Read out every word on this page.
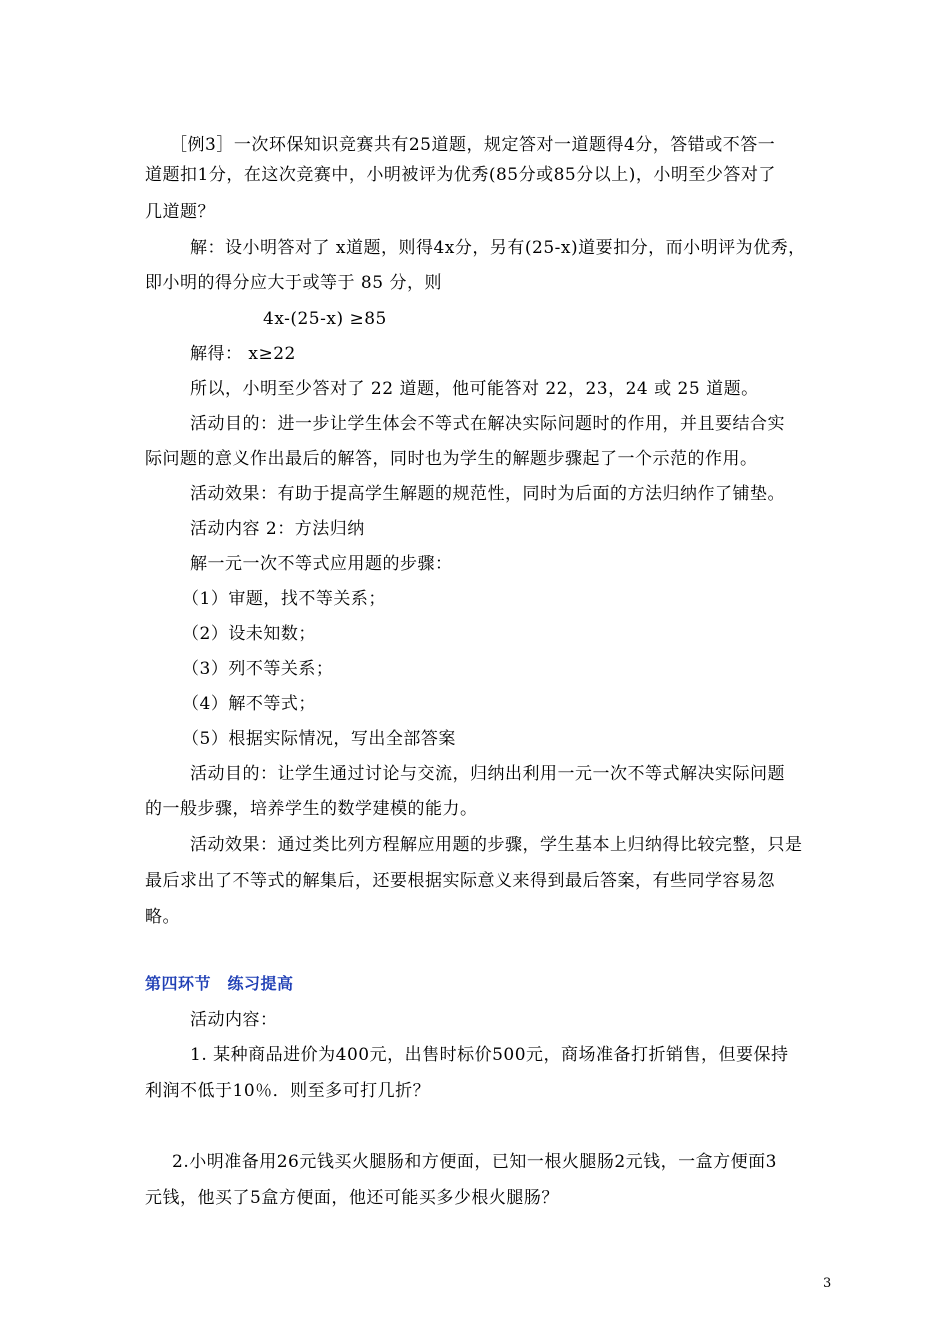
［例3］一次环保知识竞赛共有25道题，规定答对一道题得4分，答错或不答一
道题扣1分，在这次竞赛中，小明被评为优秀(85分或85分以上)，小明至少答对了
几道题？
解：设小明答对了 x道题，则得4x分，另有(25-x)道要扣分，而小明评为优秀，
即小明的得分应大于或等于 85 分，则
4x-(25-x) ≥85
解得： x≥22
所以，小明至少答对了 22 道题，他可能答对 22，23，24 或 25 道题。
活动目的：进一步让学生体会不等式在解决实际问题时的作用，并且要结合实
际问题的意义作出最后的解答，同时也为学生的解题步骤起了一个示范的作用。
活动效果：有助于提高学生解题的规范性，同时为后面的方法归纳作了铺垫。
活动内容 2：方法归纳
解一元一次不等式应用题的步骤：
（1）审题，找不等关系；
（2）设未知数；
（3）列不等关系；
（4）解不等式；
（5）根据实际情况，写出全部答案
活动目的：让学生通过讨论与交流，归纳出利用一元一次不等式解决实际问题
的一般步骤，培养学生的数学建模的能力。
活动效果：通过类比列方程解应用题的步骤，学生基本上归纳得比较完整，只是
最后求出了不等式的解集后，还要根据实际意义来得到最后答案，有些同学容易忽
略。
第四环节　练习提高
活动内容：
1. 某种商品进价为400元，出售时标价500元，商场准备打折销售，但要保持
利润不低于10％．则至多可打几折？
2.小明准备用26元钱买火腿肠和方便面，已知一根火腿肠2元钱，一盒方便面3
元钱，他买了5盒方便面，他还可能买多少根火腿肠？
3
